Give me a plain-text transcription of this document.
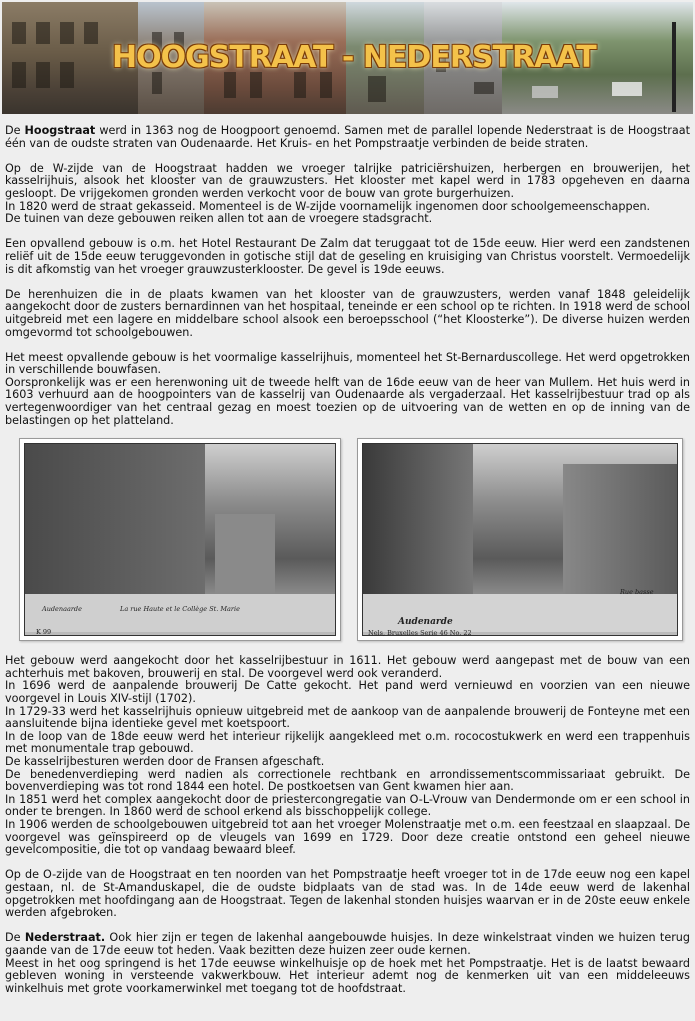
HOOGSTRAAT - NEDERSTRAAT

De Hoogstraat werd in 1363 nog de Hoogpoort genoemd. Samen met de parallel lopende Nederstraat is de Hoogstraat één van de oudste straten van Oudenaarde. Het Kruis- en het Pompstraatje verbinden de beide straten.

Op de W-zijde van de Hoogstraat hadden we vroeger talrijke patriciërshuizen, herbergen en brouwerijen, het kasselrijhuis, alsook het klooster van de grauwzusters. Het klooster met kapel werd in 1783 opgeheven en daarna gesloopt. De vrijgekomen gronden werden verkocht voor de bouw van grote burgerhuizen.

In 1820 werd de straat gekasseid. Momenteel is de W-zijde voornamelijk ingenomen door schoolgemeenschappen.

De tuinen van deze gebouwen reiken allen tot aan de vroegere stadsgracht.

Een opvallend gebouw is o.m. het Hotel Restaurant De Zalm dat teruggaat tot de 15de eeuw. Hier werd een zandstenen reliëf uit de 15de eeuw teruggevonden in gotische stijl dat de geseling en kruisiging van Christus voorstelt. Vermoedelijk is dit afkomstig van het vroeger grauwzusterklooster. De gevel is 19de eeuws.

De herenhuizen die in de plaats kwamen van het klooster van de grauwzusters, werden vanaf 1848 geleidelijk aangekocht door de zusters bernardinnen van het hospitaal, teneinde er een school op te richten. In 1918 werd de school uitgebreid met een lagere en middelbare school alsook een beroepsschool (“het Kloosterke”). De diverse huizen werden omgevormd tot schoolgebouwen.

Het meest opvallende gebouw is het voormalige kasselrijhuis, momenteel het St-Bernarduscollege. Het werd opgetrokken in verschillende bouwfasen.

Oorspronkelijk was er een herenwoning uit de tweede helft van de 16de eeuw van de heer van Mullem. Het huis werd in 1603 verhuurd aan de hoogpointers van de kasselrij van Oudenaarde als vergaderzaal. Het kasselrijbestuur trad op als vertegenwoordiger van het centraal gezag en moest toezien op de uitvoering van de wetten en op de inning van de belastingen op het platteland.

Audenaarde	La rue Haute et le Collège St. Marie
K 99
Audenarde
Rue basse
Nels, Bruxelles Serie 46 No. 22

Het gebouw werd aangekocht door het kasselrijbestuur in 1611. Het gebouw werd aangepast met de bouw van een achterhuis met bakoven, brouwerij en stal. De voorgevel werd ook veranderd.

In 1696 werd de aanpalende brouwerij De Catte gekocht. Het pand werd vernieuwd en voorzien van een nieuwe voorgevel in Louis XIV-stijl (1702).

In 1729-33 werd het kasselrijhuis opnieuw uitgebreid met de aankoop van de aanpalende brouwerij de Fonteyne met een aansluitende bijna identieke gevel met koetspoort.

In de loop van de 18de eeuw werd het interieur rijkelijk aangekleed met o.m. rococostukwerk en werd een trappenhuis met monumentale trap gebouwd.

De kasselrijbesturen werden door de Fransen afgeschaft.

De benedenverdieping werd nadien als correctionele rechtbank en arrondissementscommissariaat gebruikt. De bovenverdieping was tot rond 1844 een hotel. De postkoetsen van Gent kwamen hier aan.

In 1851 werd het complex aangekocht door de priestercongregatie van O-L-Vrouw van Dendermonde om er een school in onder te brengen. In 1860 werd de school erkend als bisschoppelijk college.

In 1906 werden de schoolgebouwen uitgebreid tot aan het vroeger Molenstraatje met o.m. een feestzaal en slaapzaal. De voorgevel was geïnspireerd op de vleugels van 1699 en 1729. Door deze creatie ontstond een geheel nieuwe gevelcompositie, die tot op vandaag bewaard bleef.

Op de O-zijde van de Hoogstraat en ten noorden van het Pompstraatje heeft vroeger tot in de 17de eeuw nog een kapel gestaan, nl. de St-Amanduskapel, die de oudste bidplaats van de stad was. In de 14de eeuw werd de lakenhal opgetrokken met hoofdingang aan de Hoogstraat. Tegen de lakenhal stonden huisjes waarvan er in de 20ste eeuw enkele werden afgebroken.

De Nederstraat. Ook hier zijn er tegen de lakenhal aangebouwde huisjes. In deze winkelstraat vinden we huizen terug gaande van de 17de eeuw tot heden. Vaak bezitten deze huizen zeer oude kernen.

Meest in het oog springend is het 17de eeuwse winkelhuisje op de hoek met het Pompstraatje. Het is de laatst bewaard gebleven woning in versteende vakwerkbouw. Het interieur ademt nog de kenmerken uit van een middeleeuws winkelhuis met grote voorkamerwinkel met toegang tot de hoofdstraat.
